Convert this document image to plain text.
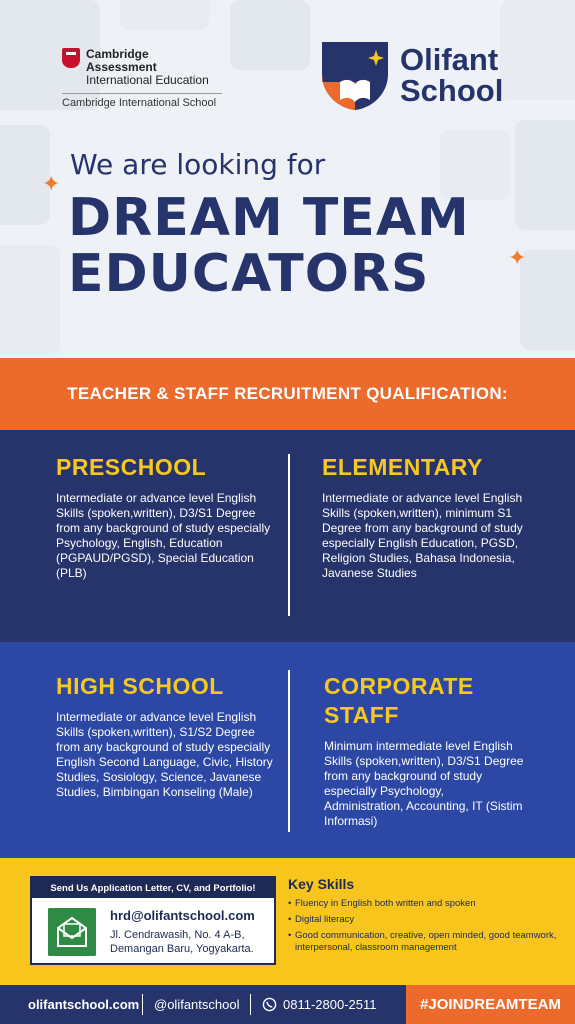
Cambridge Assessment
International Education
Cambridge International School
Olifant
School
✦
✦
We are looking for
DREAM TEAM
EDUCATORS
TEACHER & STAFF RECRUITMENT QUALIFICATION:
PRESCHOOL

Intermediate or advance level English Skills (spoken,written), D3/S1 Degree from any background of study especially Psychology, English, Education (PGPAUD/PGSD), Special Education (PLB)

ELEMENTARY

Intermediate or advance level English Skills (spoken,written), minimum S1 Degree from any background of study especially English Education, PGSD, Religion Studies, Bahasa Indonesia, Javanese Studies

HIGH SCHOOL

Intermediate or advance level English Skills (spoken,written), S1/S2 Degree from any background of study especially English Second Language, Civic, History Studies, Sosiology, Science, Javanese Studies, Bimbingan Konseling (Male)

CORPORATE STAFF

Minimum intermediate level English Skills (spoken,written), D3/S1 Degree from any background of study especially Psychology, Administration, Accounting, IT (Sistim Informasi)

Send Us Application Letter, CV, and Portfolio!
hrd@olifantschool.com
Jl. Cendrawasih, No. 4 A-B,
Demangan Baru, Yogyakarta.
Key Skills
• Fluency in English both written and spoken
• Digital literacy
• Good communication, creative, open minded, good teamwork, interpersonal, classroom management
olifantschool.com @olifantschool	0811-2800-2511	#JOINDREAMTEAM
